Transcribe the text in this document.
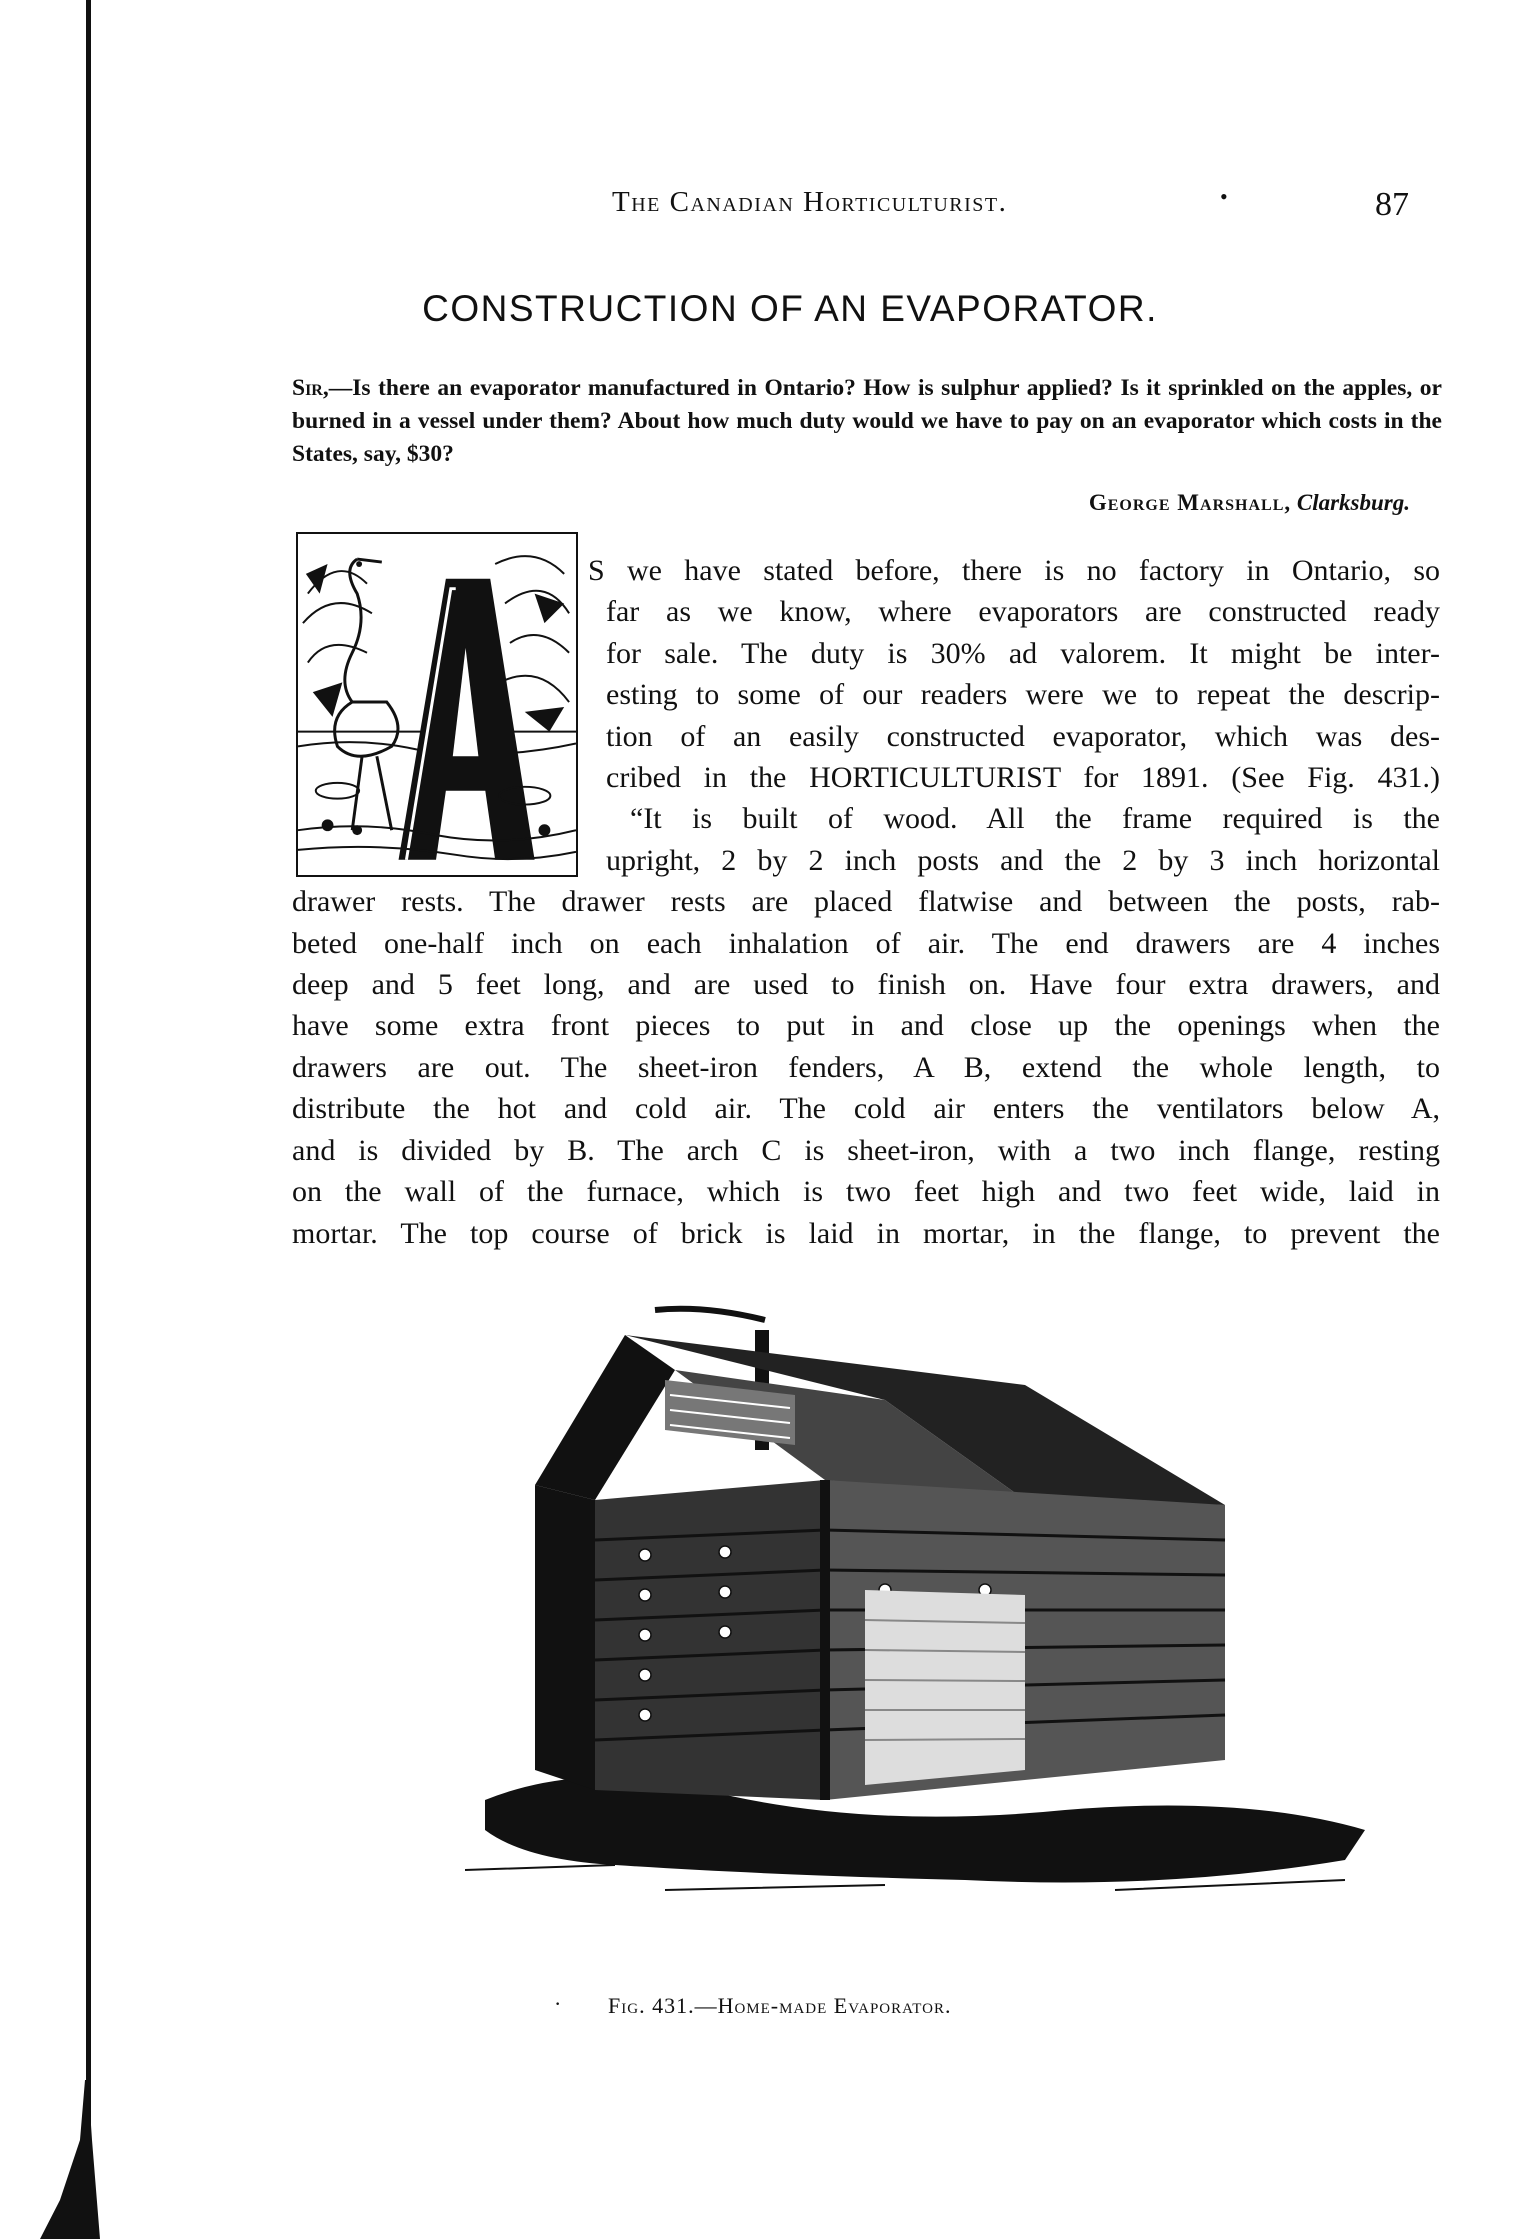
The Canadian Horticulturist.	•	87
CONSTRUCTION OF AN EVAPORATOR.
Sir,—Is there an evaporator manufactured in Ontario? How is sulphur applied? Is it sprinkled on the apples, or burned in a vessel under them? About how much duty would we have to pay on an evaporator which costs in the States, say, $30?
George Marshall, Clarksburg.
S we have stated before, there is no factory in Ontario, so
far as we know, where evaporators are constructed ready
for sale. The duty is 30% ad valorem. It might be inter-
esting to some of our readers were we to repeat the descrip-
tion of an easily constructed evaporator, which was des-
cribed in the HORTICULTURIST for 1891. (See Fig. 431.)
“It is built of wood. All the frame required is the
upright, 2 by 2 inch posts and the 2 by 3 inch horizontal
drawer rests. The drawer rests are placed flatwise and between the posts, rab-
beted one-half inch on each inhalation of air. The end drawers are 4 inches
deep and 5 feet long, and are used to finish on. Have four extra drawers, and
have some extra front pieces to put in and close up the openings when the
drawers are out. The sheet-iron fenders, A B, extend the whole length, to
distribute the hot and cold air. The cold air enters the ventilators below A,
and is divided by B. The arch C is sheet-iron, with a two inch flange, resting
on the wall of the furnace, which is two feet high and two feet wide, laid in
mortar. The top course of brick is laid in mortar, in the flange, to prevent the
· Fig. 431.—Home-made Evaporator.
